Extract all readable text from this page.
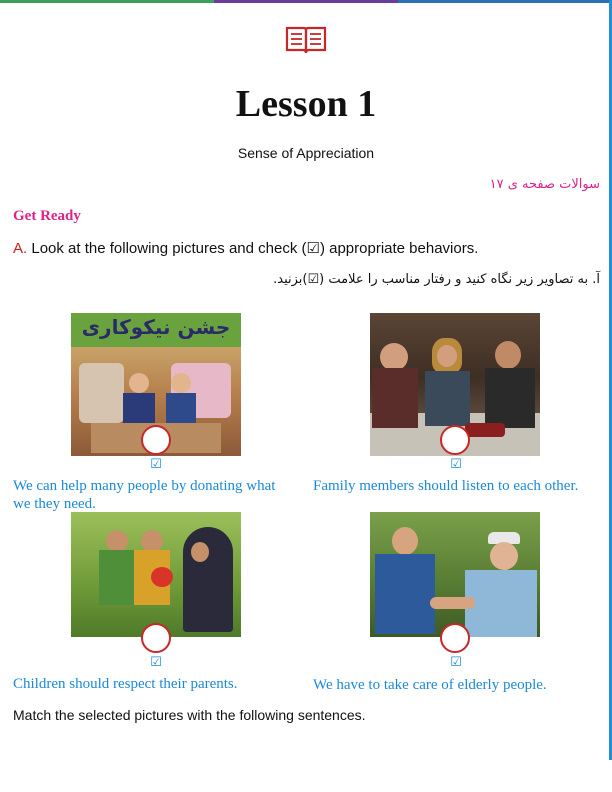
Lesson 1
Sense of Appreciation
سوالات صفحه ی ۱۷
Get Ready
A. Look at the following pictures and check (☑) appropriate behaviors.
آ. به تصاویر زیر نگاه کنید و رفتار مناسب را علامت (☑)بزنید.
جشن نیکوکاری
☑
We can help many people by donating what
we they need.
☑
Family members should listen to each other.
☑
Children should respect their parents.
☑
We have to take care of elderly people.
Match the selected pictures with the following sentences.
